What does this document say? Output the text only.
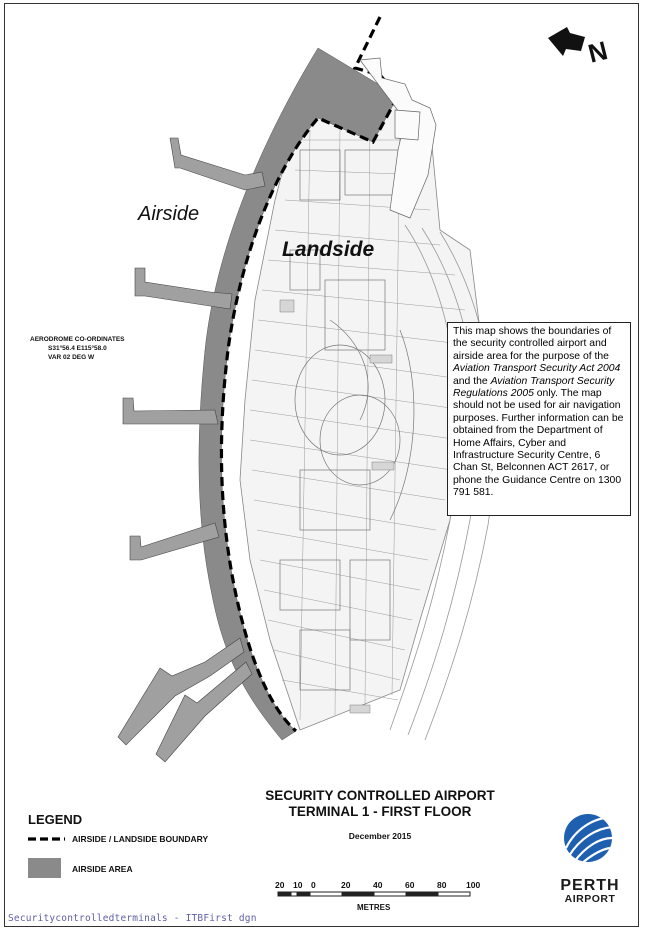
N
Airside
Landside
AERODROME CO-ORDINATES
S31°56.4 E115°58.0
VAR 02 DEG W
This map shows the boundaries of the security controlled airport and airside area for the purpose of the Aviation Transport Security Act 2004 and the Aviation Transport Security Regulations 2005 only. The map should not be used for air navigation purposes. Further information can be obtained from the Department of Home Affairs, Cyber and Infrastructure Security Centre, 6 Chan St, Belconnen ACT 2617, or phone the Guidance Centre on 1300 791 581.
SECURITY CONTROLLED AIRPORT
TERMINAL 1 - FIRST FLOOR
December 2015
LEGEND
AIRSIDE / LANDSIDE BOUNDARY
AIRSIDE AREA
20 10 0	20	40	60	80 100
METRES
PERTH
AIRPORT
Securitycontrolledterminals - ITBFirst dgn
